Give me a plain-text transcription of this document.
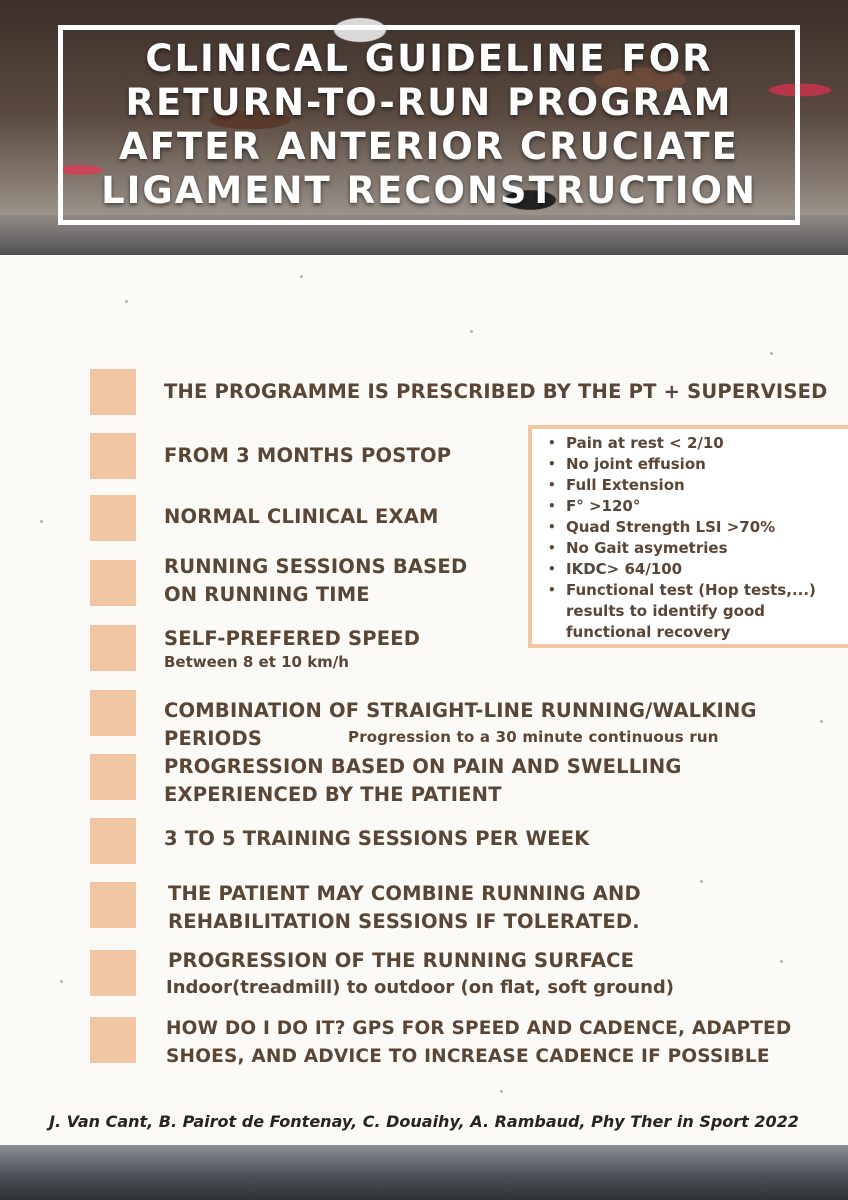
CLINICAL GUIDELINE FOR RETURN-TO-RUN PROGRAM AFTER ANTERIOR CRUCIATE LIGAMENT RECONSTRUCTION
THE PROGRAMME IS PRESCRIBED BY THE PT + SUPERVISED
FROM 3 MONTHS POSTOP
NORMAL CLINICAL EXAM
RUNNING SESSIONS BASED
ON RUNNING TIME
SELF-PREFERED SPEED
Between 8 et 10 km/h
COMBINATION OF STRAIGHT-LINE RUNNING/WALKING
PERIODS	Progression to a 30 minute continuous run
PROGRESSION BASED ON PAIN AND SWELLING
EXPERIENCED BY THE PATIENT
3 TO 5 TRAINING SESSIONS PER WEEK
THE PATIENT MAY COMBINE RUNNING AND
REHABILITATION SESSIONS IF TOLERATED.
PROGRESSION OF THE RUNNING SURFACE
Indoor(treadmill) to outdoor (on flat, soft ground)
HOW DO I DO IT? GPS FOR SPEED AND CADENCE, ADAPTED
SHOES, AND ADVICE TO INCREASE CADENCE IF POSSIBLE
• Pain at rest < 2/10
• No joint effusion
• Full Extension
• F° >120°
• Quad Strength LSI >70%
• No Gait asymetries
• IKDC> 64/100
• Functional test (Hop tests,...) results to identify good functional recovery
J. Van Cant, B. Pairot de Fontenay, C. Douaihy, A. Rambaud, Phy Ther in Sport 2022
